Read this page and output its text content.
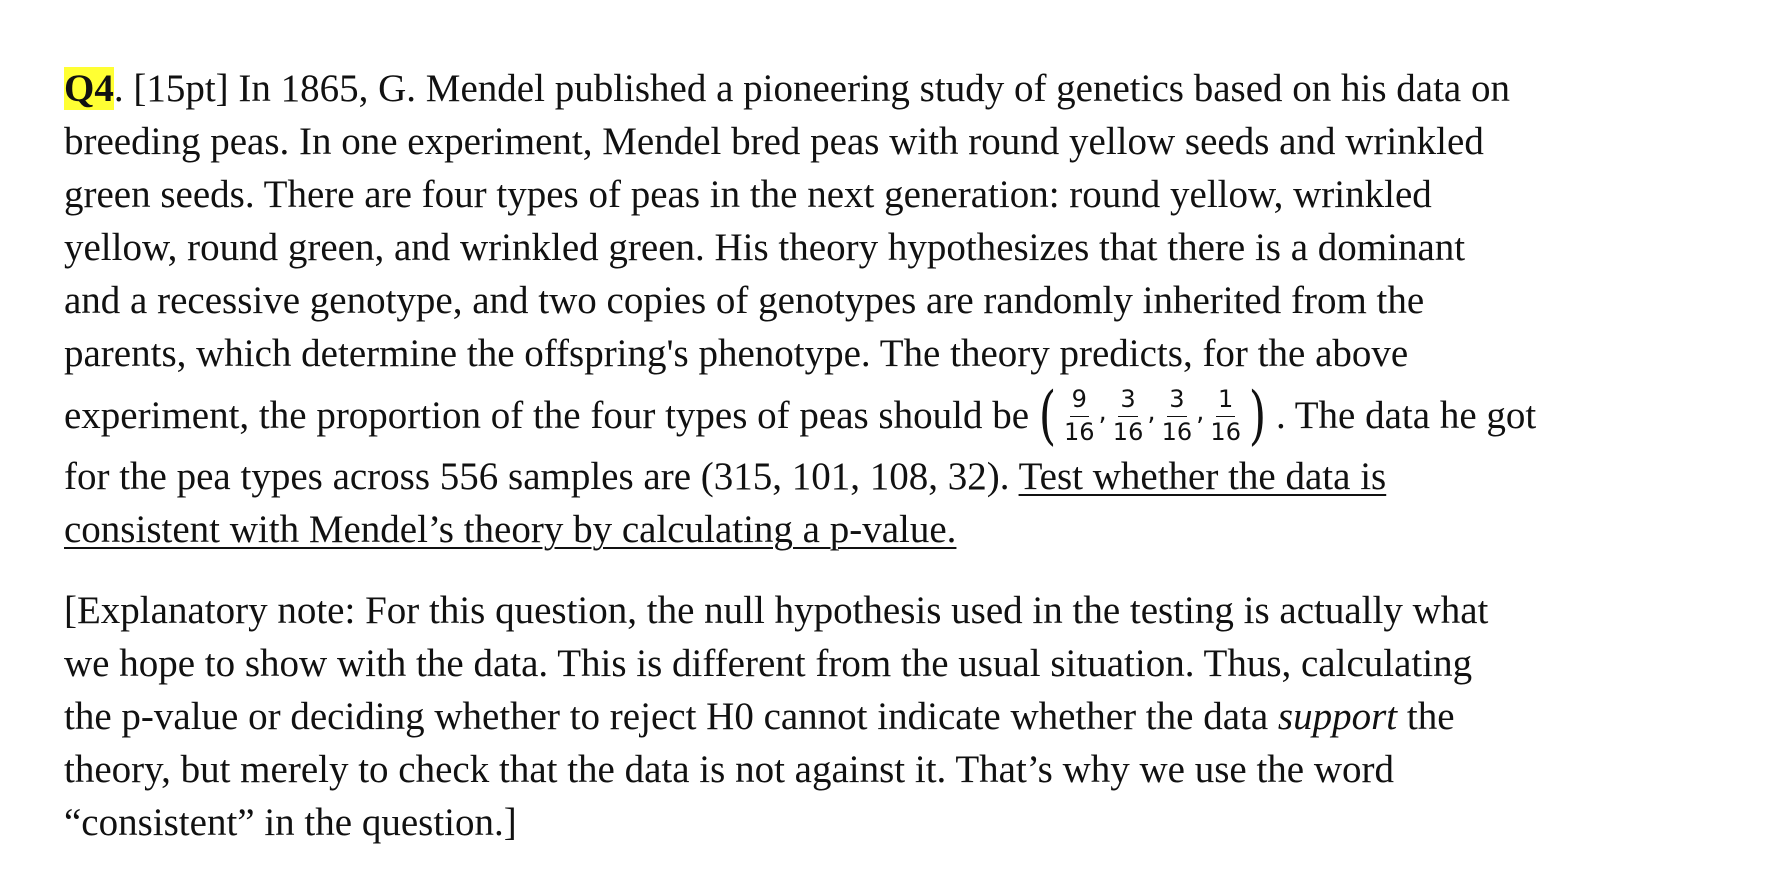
Q4. [15pt] In 1865, G. Mendel published a pioneering study of genetics based on his data on
breeding peas. In one experiment, Mendel bred peas with round yellow seeds and wrinkled
green seeds. There are four types of peas in the next generation: round yellow, wrinkled
yellow, round green, and wrinkled green. His theory hypothesizes that there is a dominant
and a recessive genotype, and two copies of genotypes are randomly inherited from the
parents, which determine the offspring's phenotype. The theory predicts, for the above
experiment, the proportion of the four types of peas should be ( $\frac{9}{16}$ , $\frac{3}{16}$ , $\frac{3}{16}$ , $\frac{1}{16}$ ) . The data he got
for the pea types across 556 samples are (315, 101, 108, 32). Test whether the data is
consistent with Mendel’s theory by calculating a p-value.
[Explanatory note: For this question, the null hypothesis used in the testing is actually what
we hope to show with the data. This is different from the usual situation. Thus, calculating
the p-value or deciding whether to reject H0 cannot indicate whether the data support the
theory, but merely to check that the data is not against it. That’s why we use the word
“consistent” in the question.]
